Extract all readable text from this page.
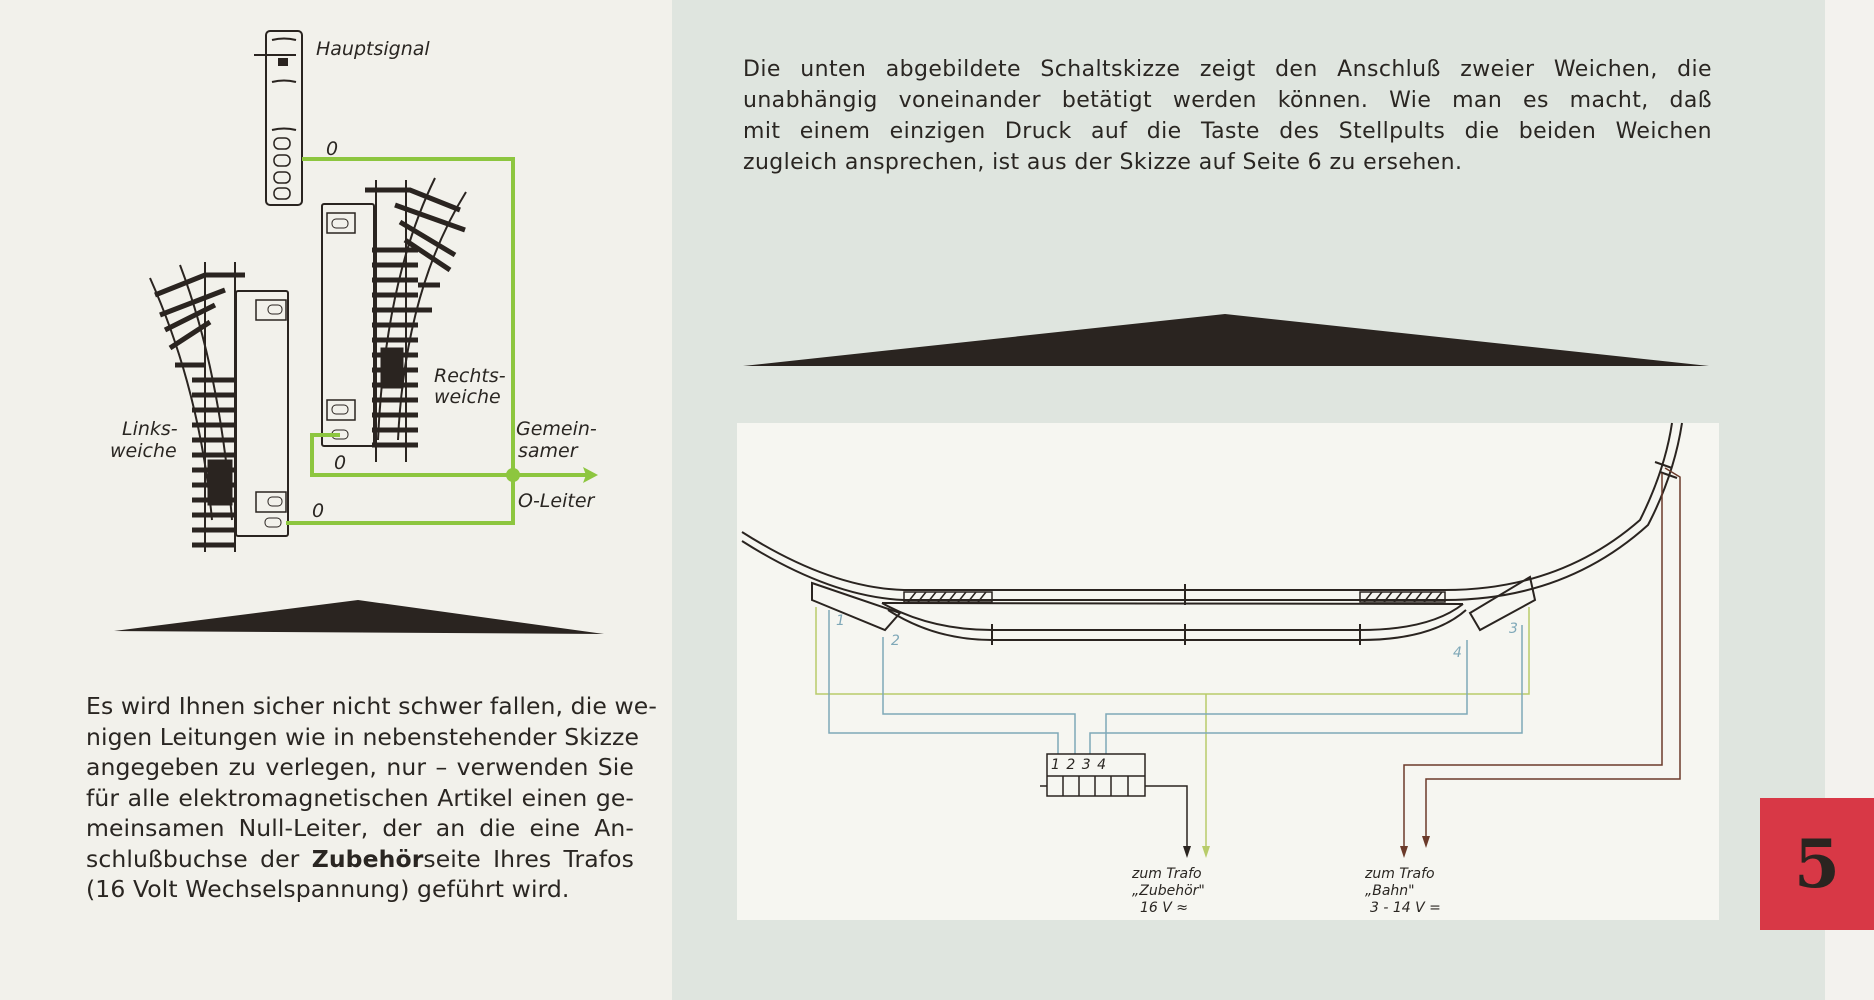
Hauptsignal
0
Rechts-
weiche
Links-
weiche
Gemein-
samer
O-Leiter
0
0
Es wird Ihnen sicher nicht schwer fallen, die we-
nigen Leitungen wie in nebenstehender Skizze
angegeben zu verlegen, nur – verwenden Sie
für alle elektromagnetischen Artikel einen ge-
meinsamen Null-Leiter, der an die eine An-
schlußbuchse der Zubehörseite Ihres Trafos
(16 Volt Wechselspannung) geführt wird.
Die unten abgebildete Schaltskizze zeigt den Anschluß zweier Weichen, die
unabhängig voneinander betätigt werden können. Wie man es macht, daß
mit einem einzigen Druck auf die Taste des Stellpults die beiden Weichen
zugleich ansprechen, ist aus der Skizze auf Seite 6 zu ersehen.
1
2
3
4
1 2 3 4
zum Trafo
„Zubehör"
16 V ≈
zum Trafo
„Bahn"
3 - 14 V =
5
